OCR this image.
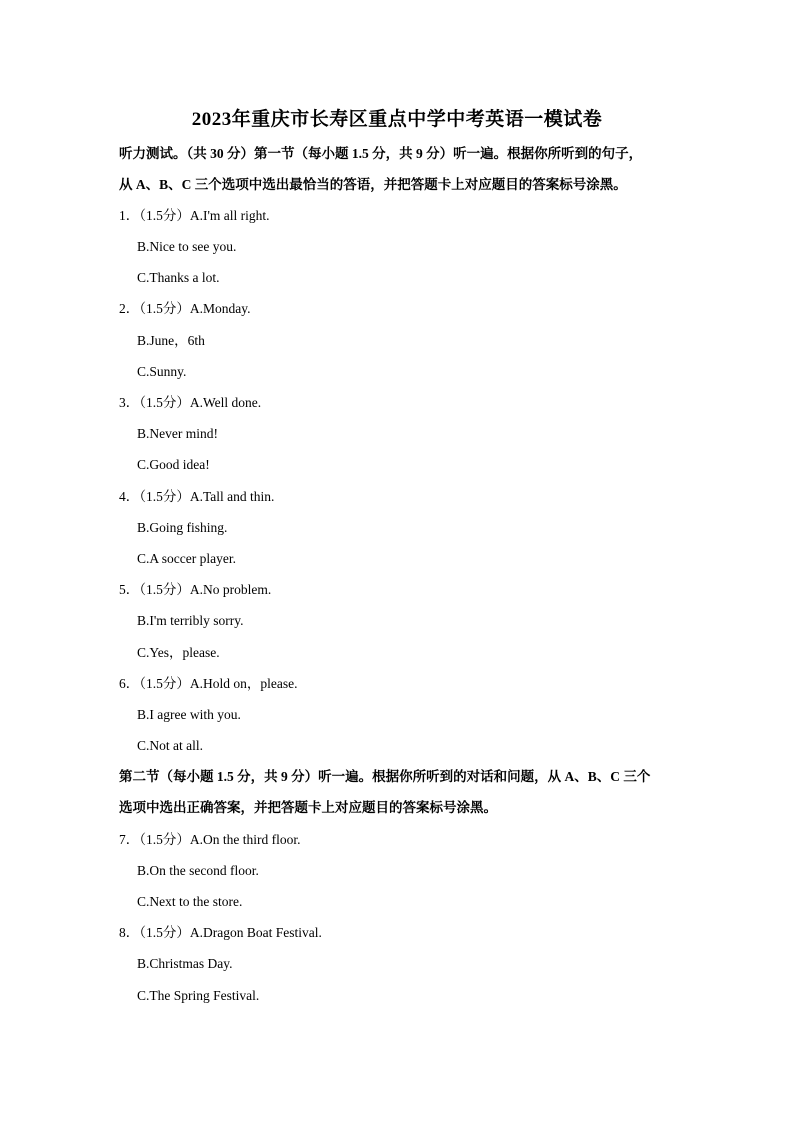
2023年重庆市长寿区重点中学中考英语一模试卷
听力测试。（共 30 分）第一节（每小题 1.5 分，共 9 分）听一遍。根据你所听到的句子，
从 A、B、C 三个选项中选出最恰当的答语，并把答题卡上对应题目的答案标号涂黑。
1．（1.5分）A.I'm all right.
B.Nice to see you.
C.Thanks a lot.
2．（1.5分）A.Monday.
B.June，6th
C.Sunny.
3．（1.5分）A.Well done.
B.Never mind!
C.Good idea!
4．（1.5分）A.Tall and thin.
B.Going fishing.
C.A soccer player.
5．（1.5分）A.No problem.
B.I'm terribly sorry.
C.Yes，please.
6．（1.5分）A.Hold on，please.
B.I agree with you.
C.Not at all.
第二节（每小题 1.5 分，共 9 分）听一遍。根据你所听到的对话和问题，从 A、B、C 三个
选项中选出正确答案，并把答题卡上对应题目的答案标号涂黑。
7．（1.5分）A.On the third floor.
B.On the second floor.
C.Next to the store.
8．（1.5分）A.Dragon Boat Festival.
B.Christmas Day.
C.The Spring Festival.
